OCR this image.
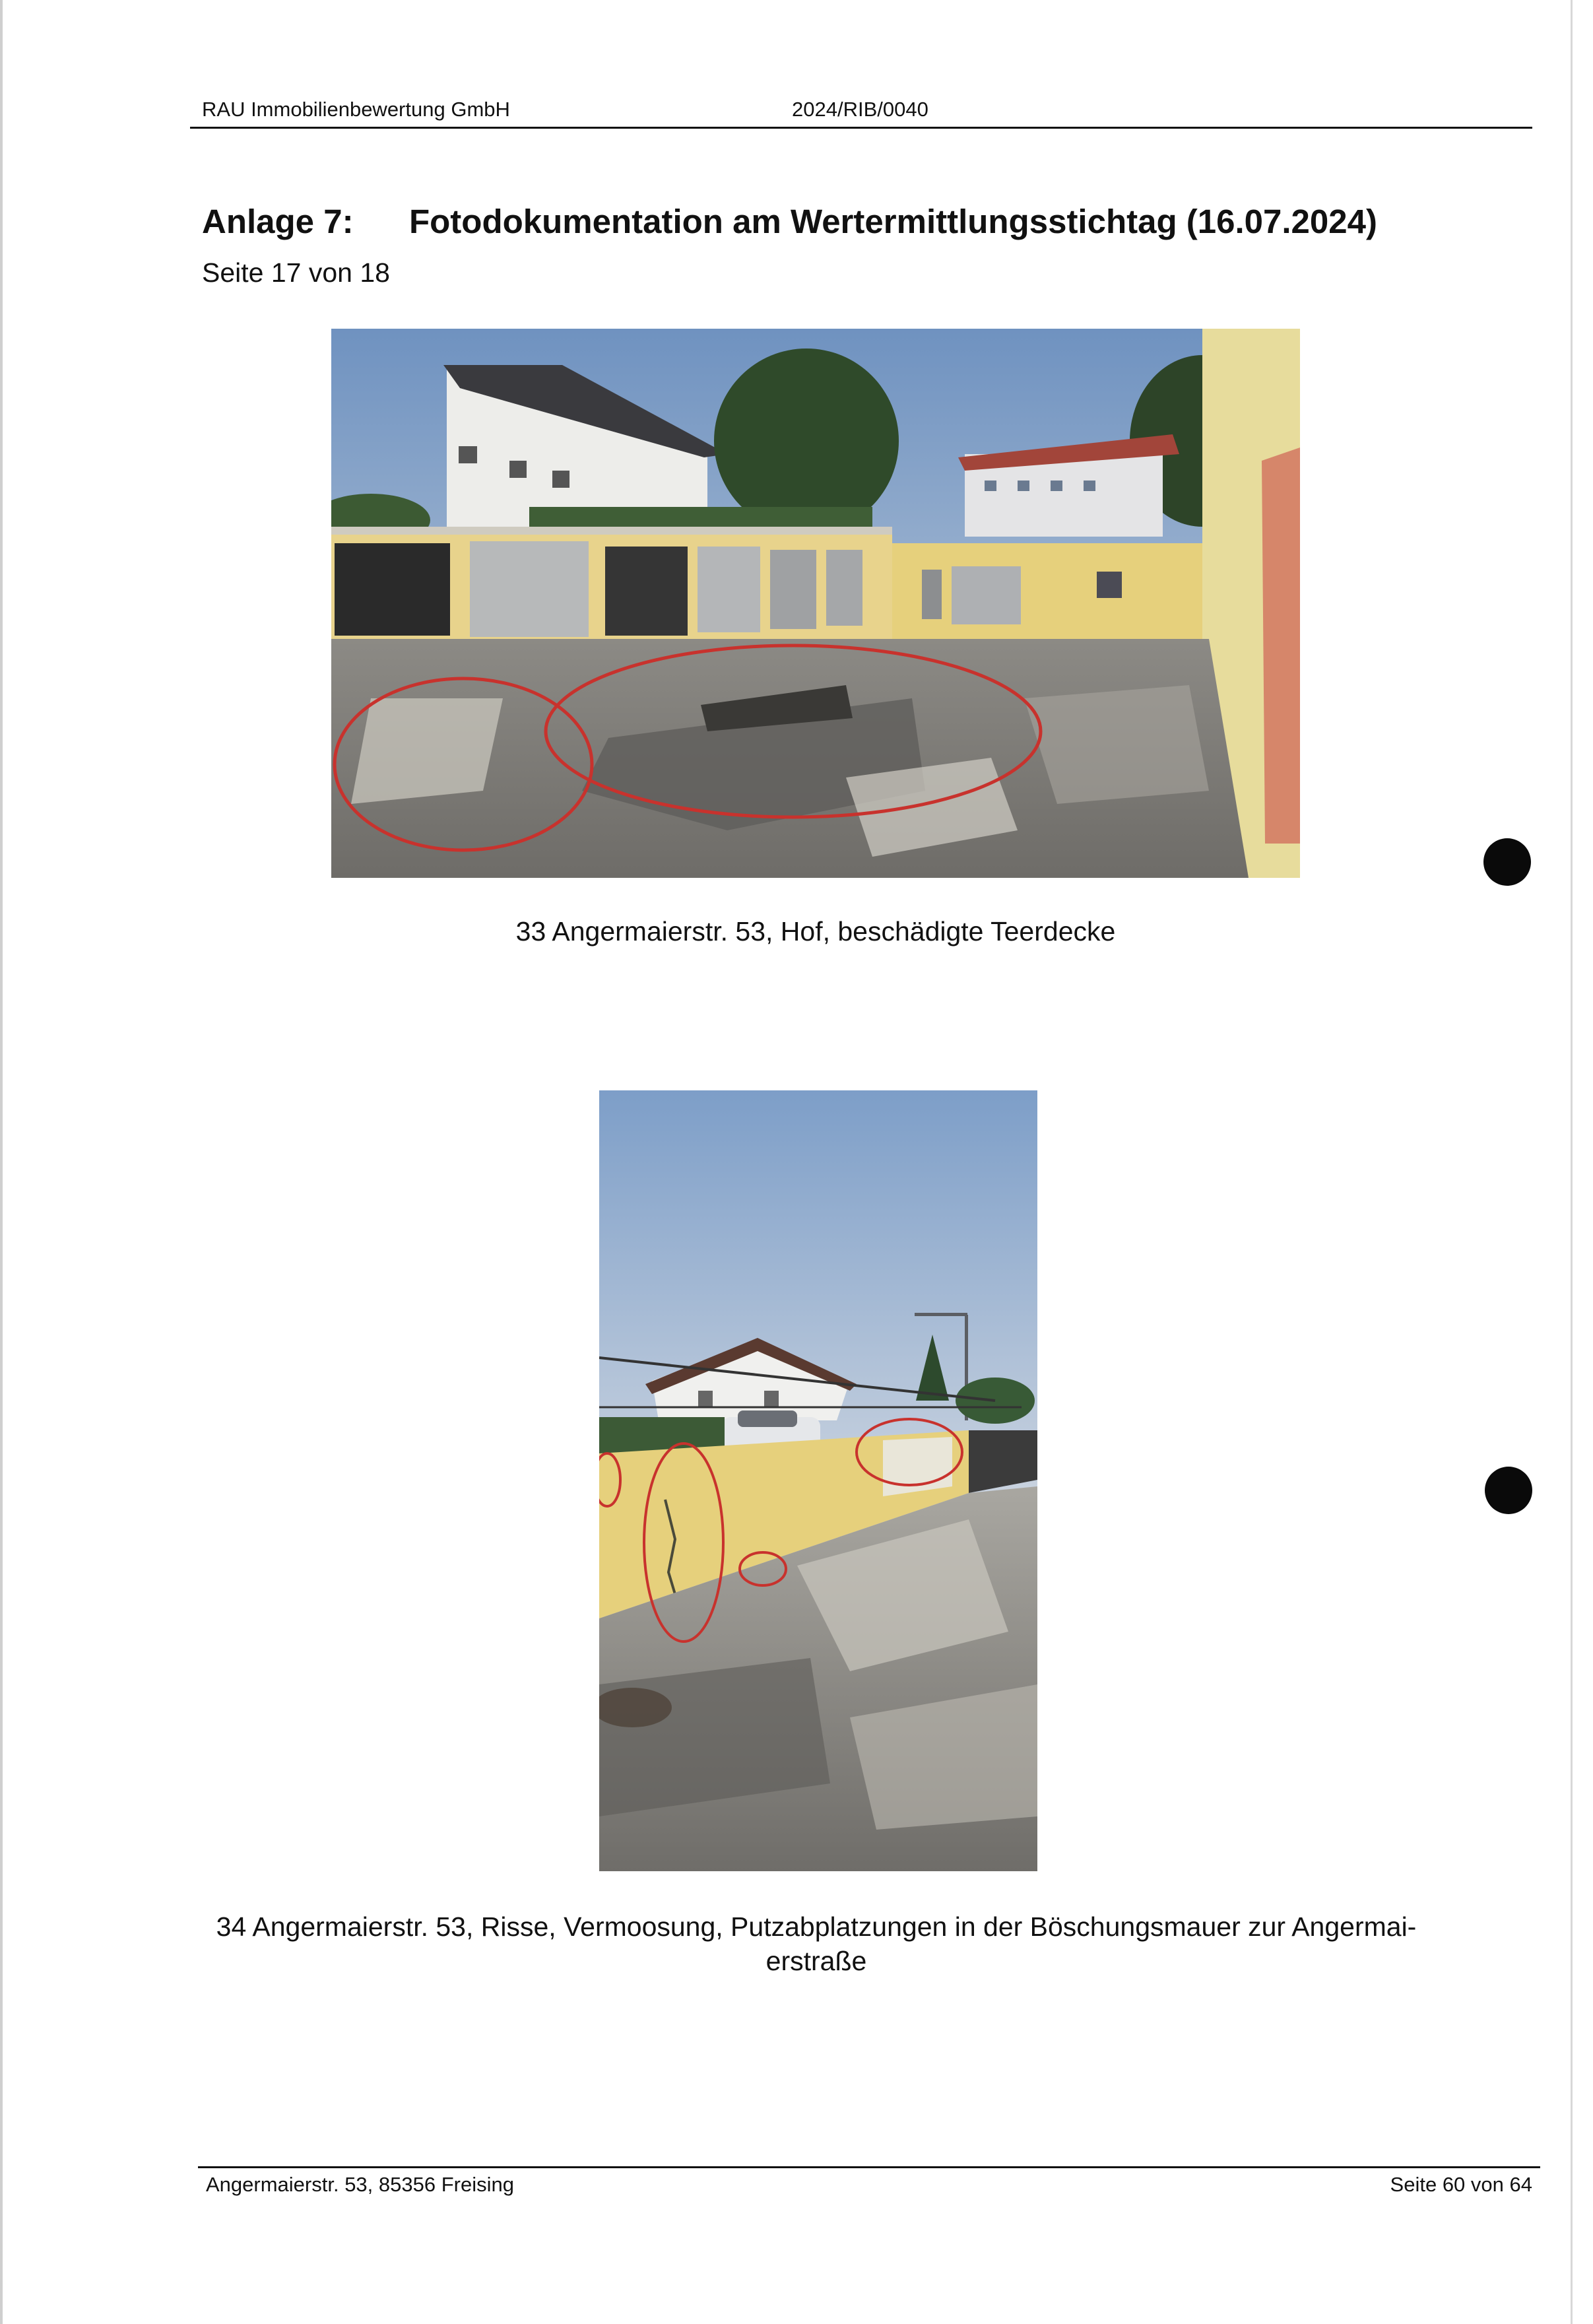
RAU Immobilienbewertung GmbH	2024/RIB/0040
Anlage 7: Fotodokumentation am Wertermittlungsstichtag (16.07.2024)
Seite 17 von 18
33 Angermaierstr. 53, Hof, beschädigte Teerdecke
34 Angermaierstr. 53, Risse, Vermoosung, Putzabplatzungen in der Böschungsmauer zur Angermai-erstraße
Angermaierstr. 53, 85356 Freising	Seite 60 von 64
